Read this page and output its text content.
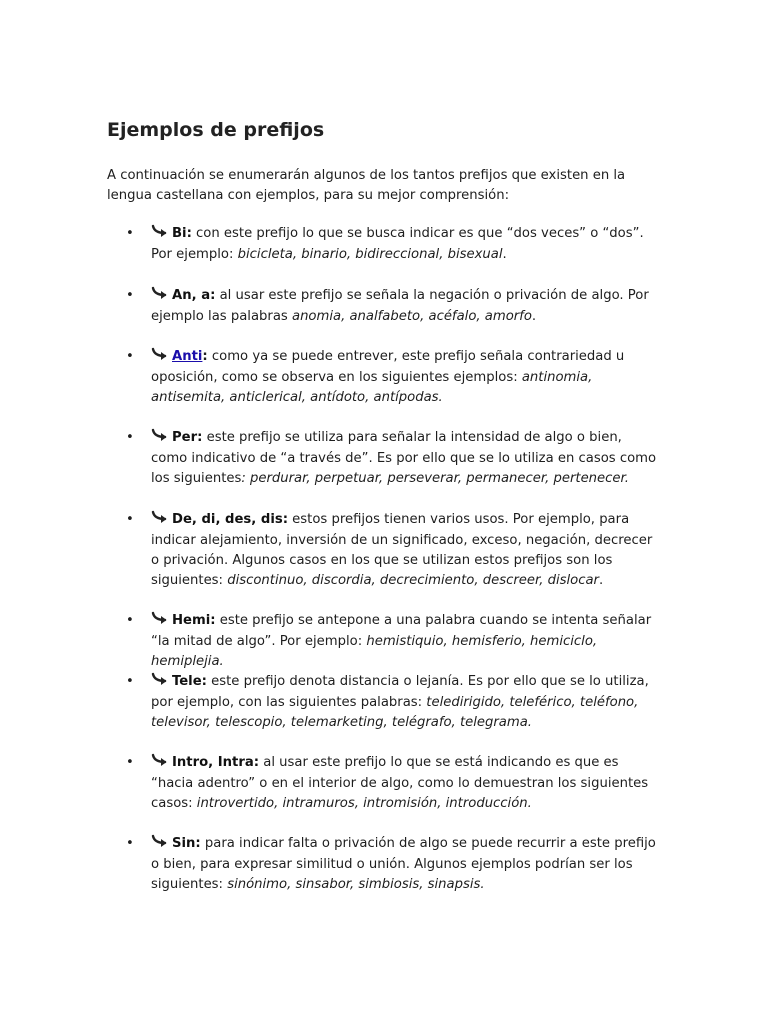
Ejemplos de prefijos

A continuación se enumerarán algunos de los tantos prefijos que existen en la lengua castellana con ejemplos, para su mejor comprensión:

•	Bi: con este prefijo lo que se busca indicar es que “dos veces” o “dos”. Por ejemplo: bicicleta, binario, bidireccional, bisexual.
•	An, a: al usar este prefijo se señala la negación o privación de algo. Por ejemplo las palabras anomia, analfabeto, acéfalo, amorfo.
•	Anti: como ya se puede entrever, este prefijo señala contrariedad u oposición, como se observa en los siguientes ejemplos: antinomia, antisemita, anticlerical, antídoto, antípodas.
•	Per: este prefijo se utiliza para señalar la intensidad de algo o bien, como indicativo de “a través de”. Es por ello que se lo utiliza en casos como los siguientes: perdurar, perpetuar, perseverar, permanecer, pertenecer.
•	De, di, des, dis: estos prefijos tienen varios usos. Por ejemplo, para indicar alejamiento, inversión de un significado, exceso, negación, decrecer o privación. Algunos casos en los que se utilizan estos prefijos son los siguientes: discontinuo, discordia, decrecimiento, descreer, dislocar.
•	Hemi: este prefijo se antepone a una palabra cuando se intenta señalar “la mitad de algo”. Por ejemplo: hemistiquio, hemisferio, hemiciclo, hemiplejia.
•	Tele: este prefijo denota distancia o lejanía. Es por ello que se lo utiliza, por ejemplo, con las siguientes palabras: teledirigido, teleférico, teléfono, televisor, telescopio, telemarketing, telégrafo, telegrama.
•	Intro, Intra: al usar este prefijo lo que se está indicando es que es “hacia adentro” o en el interior de algo, como lo demuestran los siguientes casos: introvertido, intramuros, intromisión, introducción.
•	Sin: para indicar falta o privación de algo se puede recurrir a este prefijo o bien, para expresar similitud o unión. Algunos ejemplos podrían ser los siguientes: sinónimo, sinsabor, simbiosis, sinapsis.
